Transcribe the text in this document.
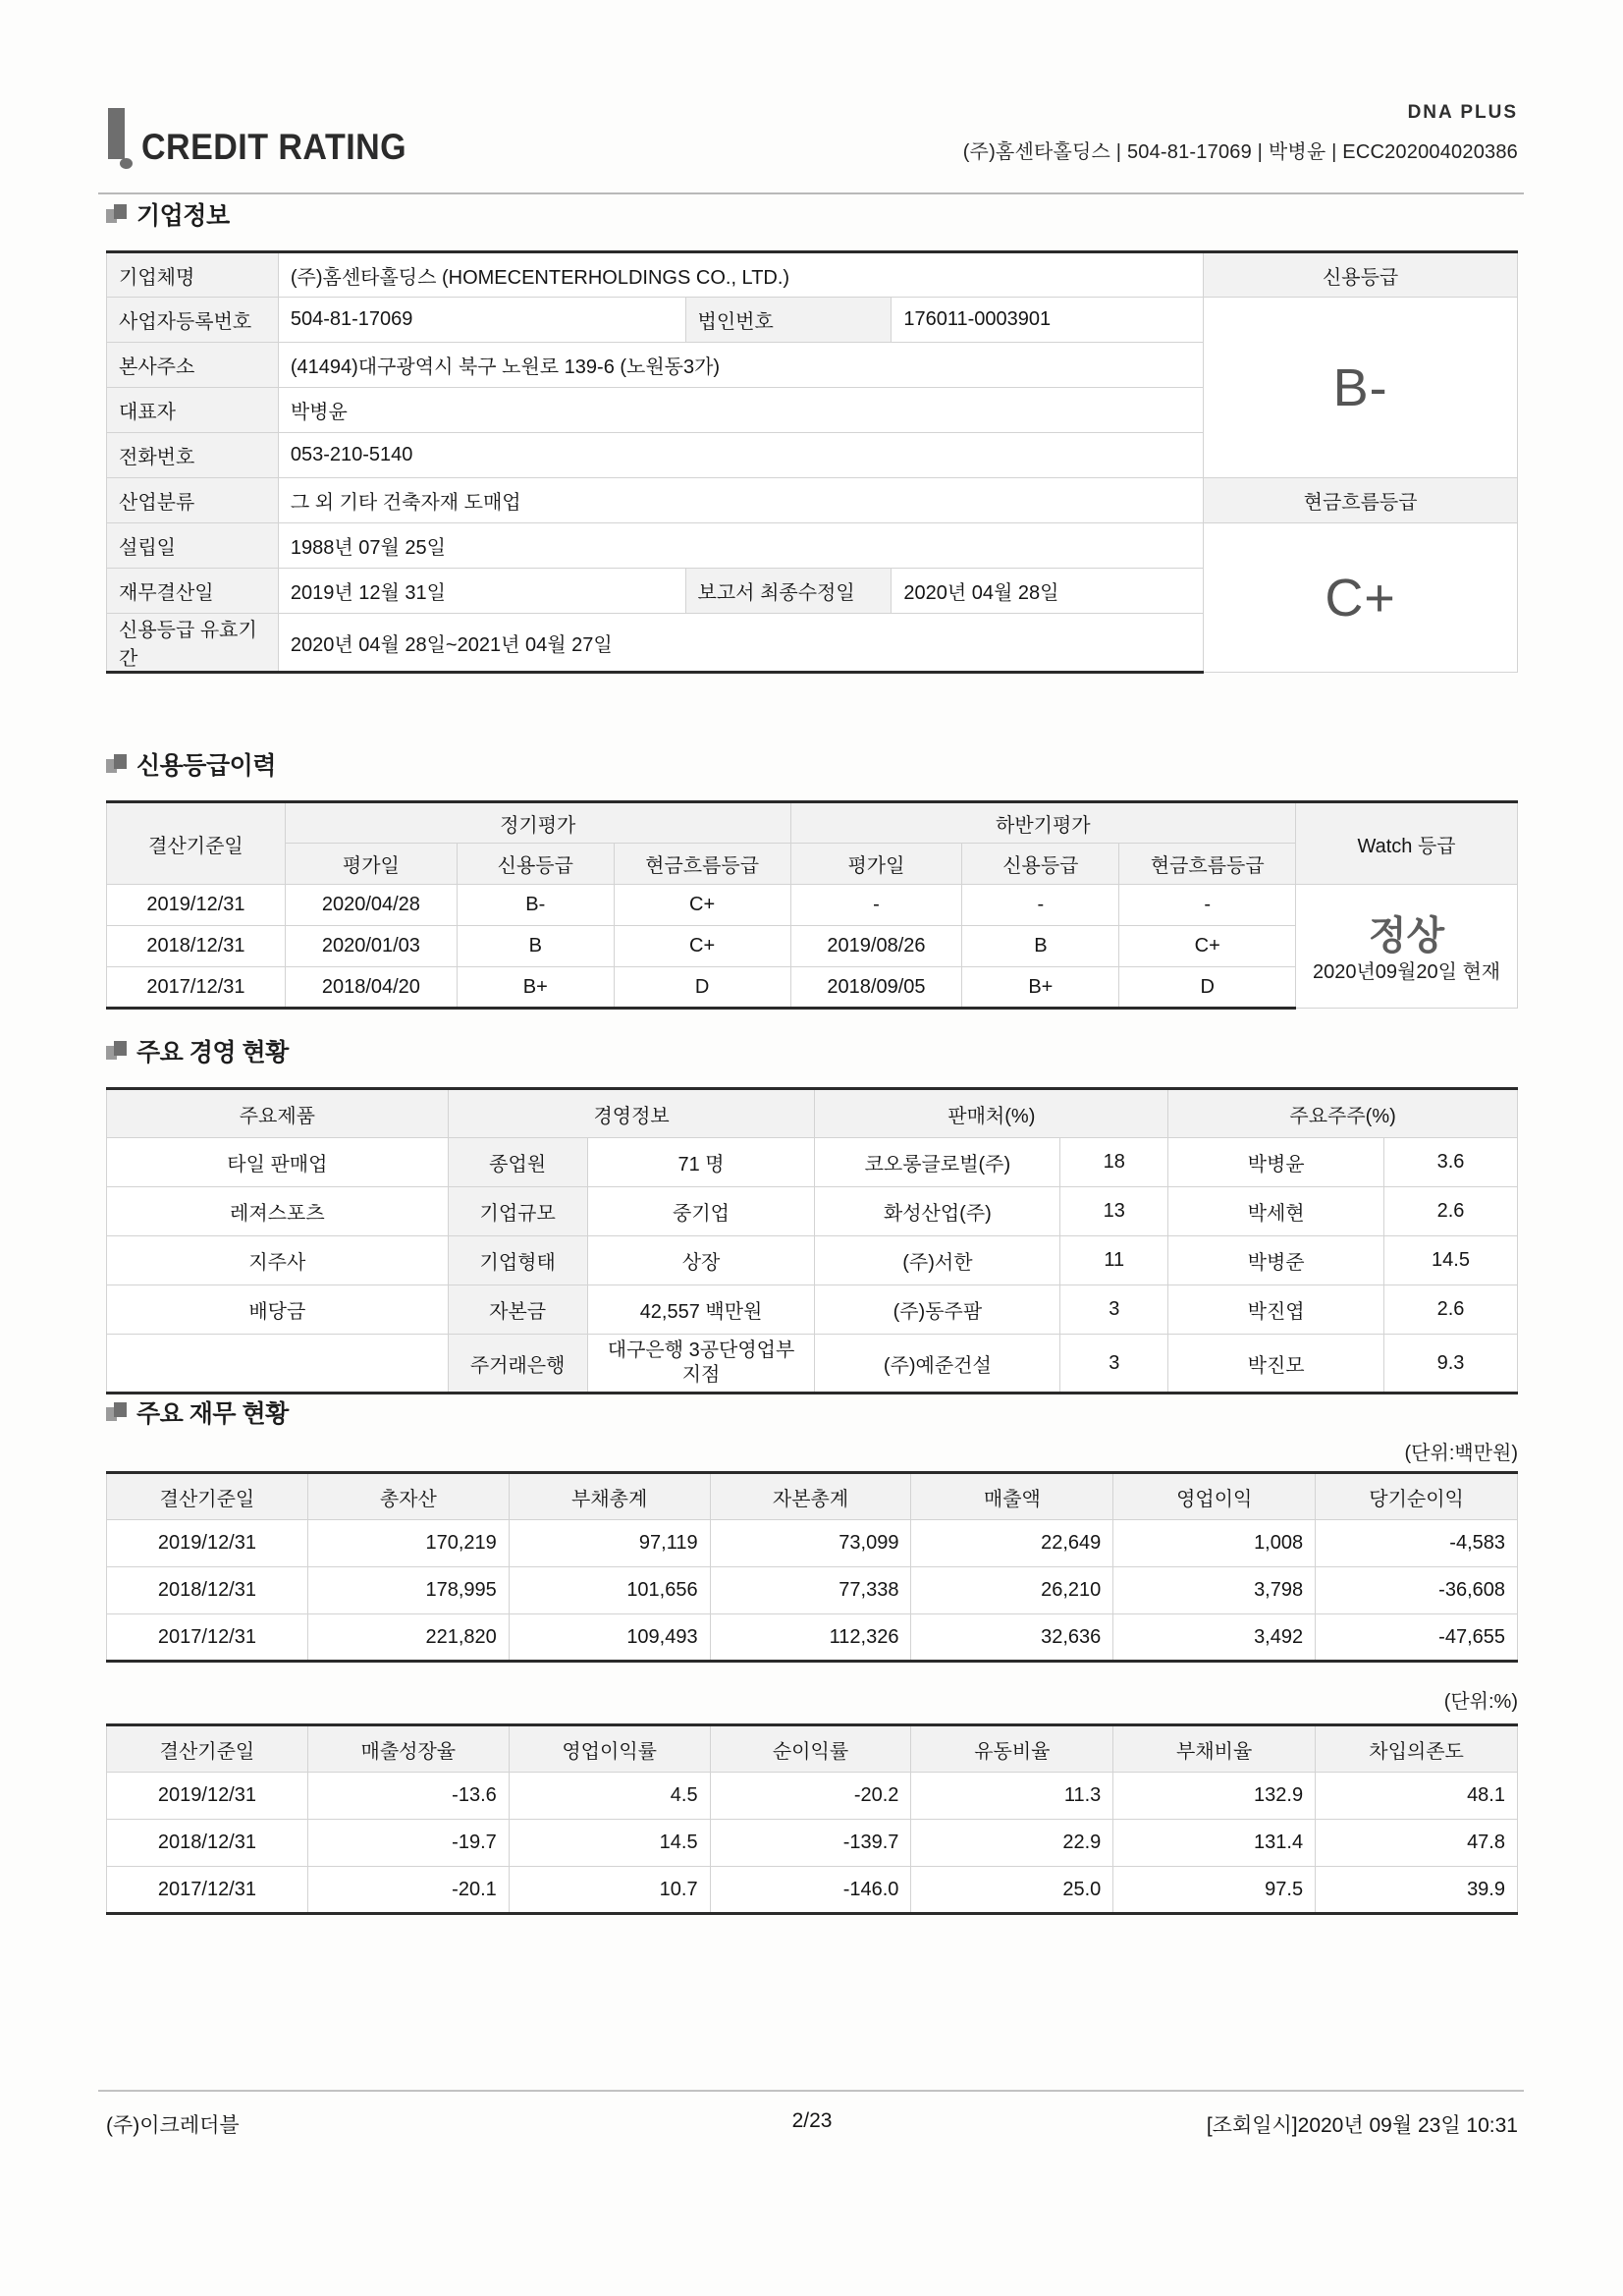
CREDIT RATING
DNA PLUS
(주)홈센타홀딩스 | 504-81-17069 | 박병윤 | ECC202004020386
기업정보
기업체명	(주)홈센타홀딩스 (HOMECENTERHOLDINGS CO., LTD.)			신용등급
사업자등록번호	504-81-17069	법인번호	176011-0003901	B-
본사주소	(41494)대구광역시 북구 노원로 139-6 (노원동3가)			
대표자	박병윤			
전화번호	053-210-5140			
산업분류	그 외 기타 건축자재 도매업			현금흐름등급
설립일	1988년 07월 25일			C+
재무결산일	2019년 12월 31일	보고서 최종수정일	2020년 04월 28일	
신용등급 유효기간	2020년 04월 28일~2021년 04월 27일			
신용등급이력
결산기준일	정기평가			하반기평가			Watch 등급
	평가일	신용등급	현금흐름등급	평가일	신용등급	현금흐름등급	
2019/12/31	2020/04/28	B-	C+	-	-	-	정상
2020년09월20일 현재

2018/12/31	2020/01/03	B	C+	2019/08/26	B	C+	
2017/12/31	2018/04/20	B+	D	2018/09/05	B+	D	
주요 경영 현황
주요제품	경영정보		판매처(%)		주요주주(%)	
타일 판매업	종업원	71 명	코오롱글로벌(주)	18	박병윤	3.6
레져스포츠	기업규모	중기업	화성산업(주)	13	박세현	2.6
지주사	기업형태	상장	(주)서한	11	박병준	14.5
배당금	자본금	42,557 백만원	(주)동주팜	3	박진엽	2.6
	주거래은행	대구은행 3공단영업부 지점	(주)예준건설	3	박진모	9.3
주요 재무 현황
(단위:백만원)
결산기준일	총자산	부채총계	자본총계	매출액	영업이익	당기순이익
2019/12/31	170,219	97,119	73,099	22,649	1,008	-4,583
2018/12/31	178,995	101,656	77,338	26,210	3,798	-36,608
2017/12/31	221,820	109,493	112,326	32,636	3,492	-47,655
(단위:%)
결산기준일	매출성장율	영업이익률	순이익률	유동비율	부채비율	차입의존도
2019/12/31	-13.6	4.5	-20.2	11.3	132.9	48.1
2018/12/31	-19.7	14.5	-139.7	22.9	131.4	47.8
2017/12/31	-20.1	10.7	-146.0	25.0	97.5	39.9
(주)이크레더블	2/23	[조회일시]2020년 09월 23일 10:31
